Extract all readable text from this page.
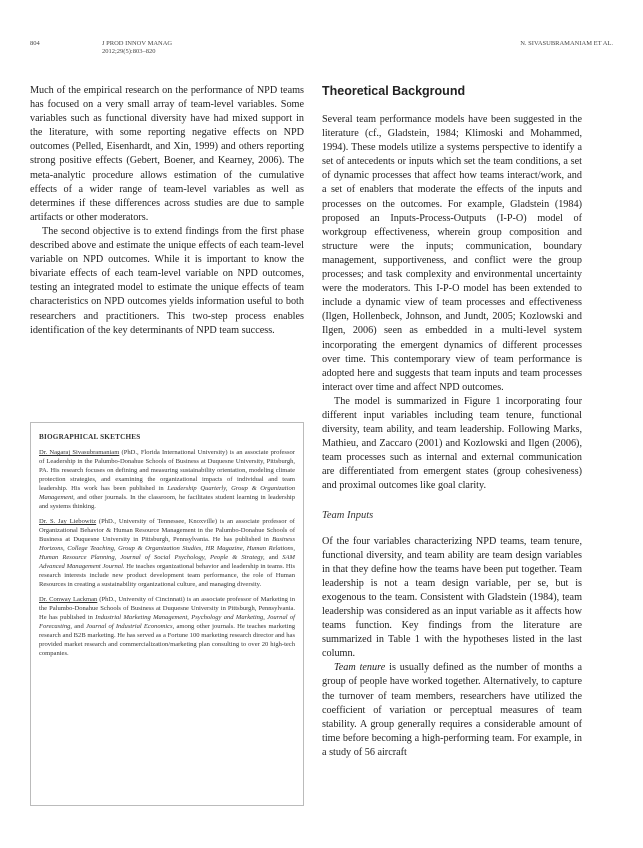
804	J PROD INNOV MANAG
2012;29(5):803–820
N. SIVASUBRAMANIAM ET AL.

Much of the empirical research on the performance of NPD teams has focused on a very small array of team-level variables. Some variables such as functional diversity have had mixed support in the literature, with some reporting negative effects on NPD outcomes (Pelled, Eisenhardt, and Xin, 1999) and others reporting strong positive effects (Gebert, Boener, and Kearney, 2006). The meta-analytic procedure allows estimation of the cumulative effects of a wider range of team-level variables as well as determines if these differences across studies are due to sample artifacts or other moderators.

The second objective is to extend findings from the first phase described above and estimate the unique effects of each team-level variable on NPD outcomes. While it is important to know the bivariate effects of each team-level variable on NPD outcomes, testing an integrated model to estimate the unique effects of team characteristics on NPD outcomes yields information useful to both researchers and practitioners. This two-step process enables identification of the key determinants of NPD team success.

BIOGRAPHICAL SKETCHES

Dr. Nagaraj Sivasubramaniam (PhD., Florida International University) is an associate professor of Leadership in the Palumbo-Donahue Schools of Business at Duquesne University, Pittsburgh, PA. His research focuses on defining and measuring sustainability orientation, modeling climate protection strategies, and examining the organizational impacts of individual and team leadership. His work has been published in Leadership Quarterly, Group & Organization Management, and other journals. In the classroom, he facilitates student learning in leadership and systems thinking.

Dr. S. Jay Liebowitz (PhD., University of Tennessee, Knoxville) is an associate professor of Organizational Behavior & Human Resource Management in the Palumbo-Donahue Schools of Business at Duquesne University in Pittsburgh, Pennsylvania. He has published in Business Horizons, College Teaching, Group & Organization Studies, HR Magazine, Human Relations, Human Resource Planning, Journal of Social Psychology, People & Strategy, and SAM Advanced Management Journal. He teaches organizational behavior and leadership in teams. His research interests include new product development team performance, the role of Human Resources in creating a sustainability organizational culture, and managing diversity.

Dr. Conway Lackman (PhD., University of Cincinnati) is an associate professor of Marketing in the Palumbo-Donahue Schools of Business at Duquesne University in Pittsburgh, Pennsylvania. He has published in Industrial Marketing Management, Psychology and Marketing, Journal of Forecasting, and Journal of Industrial Economics, among other journals. He teaches marketing research and B2B marketing. He has served as a Fortune 100 marketing research director and has provided market research and commercialization/marketing plan consulting to over 20 high-tech companies.

Theoretical Background

Several team performance models have been suggested in the literature (cf., Gladstein, 1984; Klimoski and Mohammed, 1994). These models utilize a systems perspective to identify a set of antecedents or inputs which set the team conditions, a set of dynamic processes that affect how teams interact/work, and a set of enablers that moderate the effects of the inputs and processes on the outcomes. For example, Gladstein (1984) proposed an Inputs-Process-Outputs (I-P-O) model of workgroup effectiveness, wherein group composition and structure were the inputs; communication, boundary management, supportiveness, and conflict were the group processes; and task complexity and environmental uncertainty were the moderators. This I-P-O model has been extended to include a dynamic view of team processes and effectiveness (Ilgen, Hollenbeck, Johnson, and Jundt, 2005; Kozlowski and Ilgen, 2006) seen as embedded in a multi-level system incorporating the emergent dynamics of different processes over time. This contemporary view of team performance is adopted here and suggests that team inputs and team processes interact over time and affect NPD outcomes.

The model is summarized in Figure 1 incorporating four different input variables including team tenure, functional diversity, team ability, and team leadership. Following Marks, Mathieu, and Zaccaro (2001) and Kozlowski and Ilgen (2006), team processes such as internal and external communication are differentiated from emergent states (group cohesiveness) and proximal outcomes like goal clarity.

Team Inputs

Of the four variables characterizing NPD teams, team tenure, functional diversity, and team ability are team design variables in that they define how the teams have been put together. Team leadership is not a team design variable, per se, but is exogenous to the team. Consistent with Gladstein (1984), team leadership was considered as an input variable as it affects how teams function. Key findings from the literature are summarized in Table 1 with the hypotheses listed in the last column.

Team tenure is usually defined as the number of months a group of people have worked together. Alternatively, to capture the turnover of team members, researchers have utilized the coefficient of variation or perceptual measures of team stability. A group generally requires a considerable amount of time before becoming a high-performing team. For example, in a study of 56 aircraft
